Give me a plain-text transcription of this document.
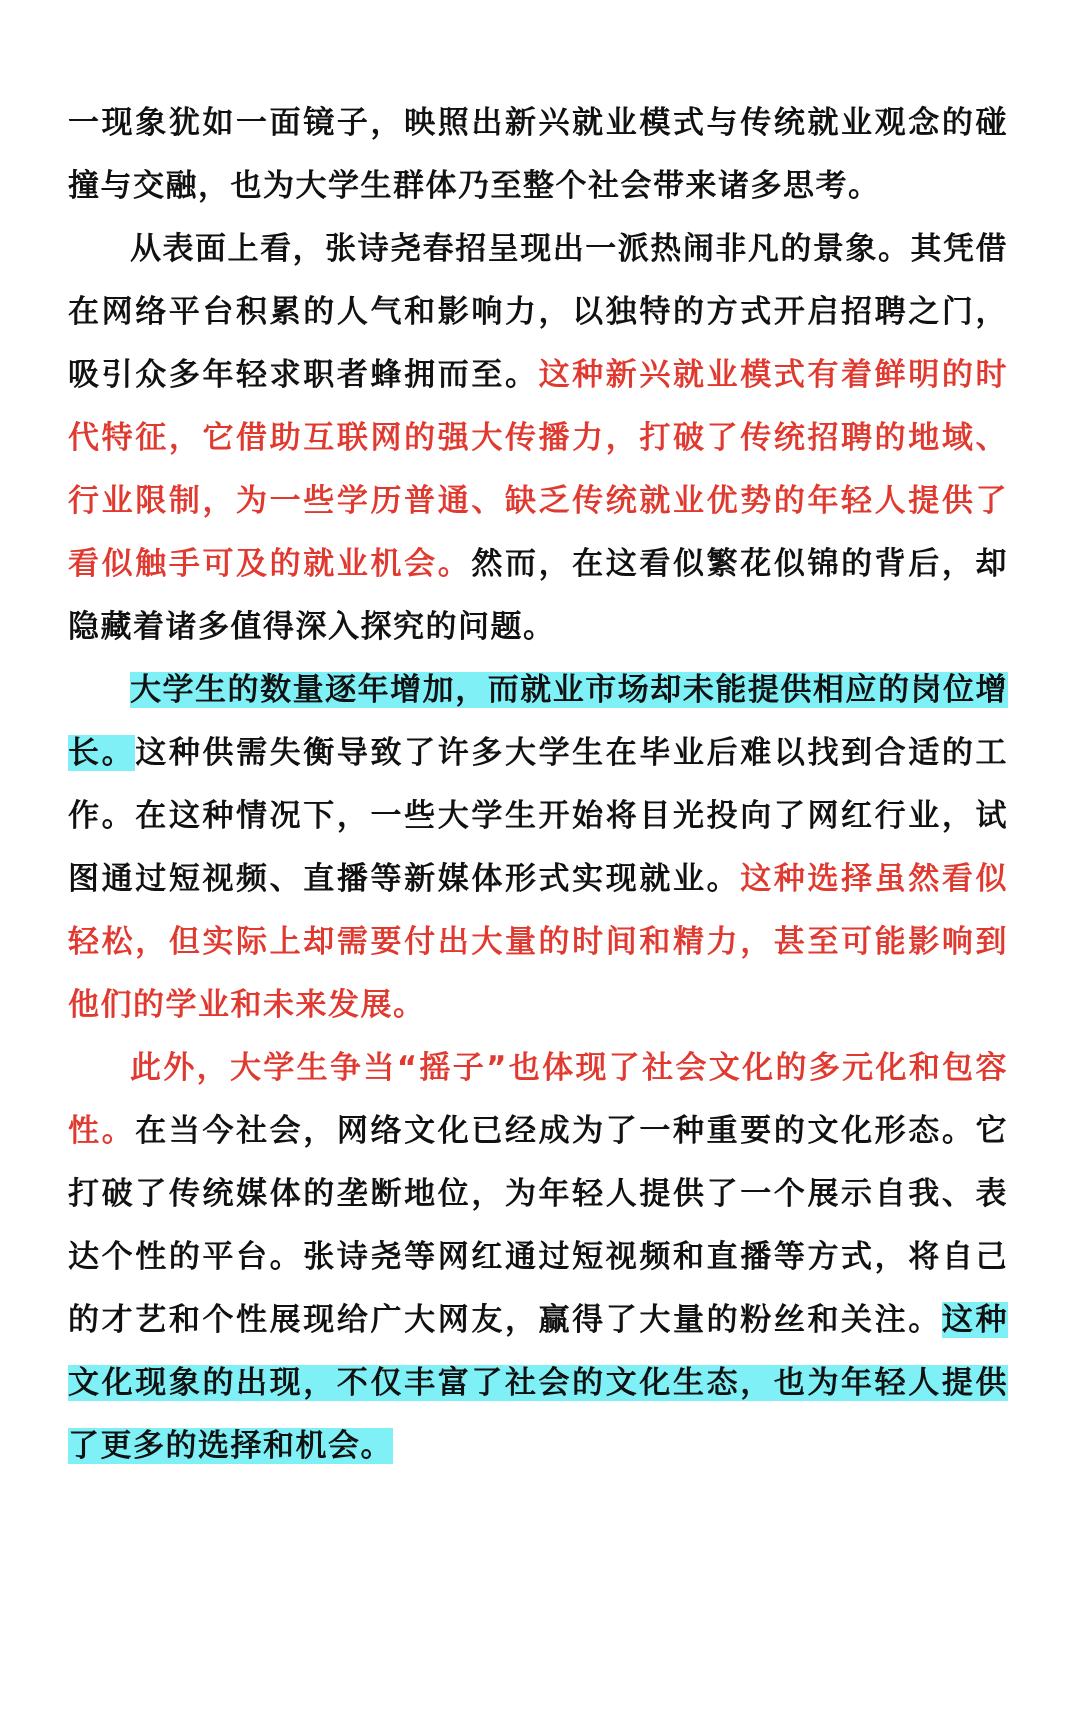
一现象犹如一面镜子，映照出新兴就业模式与传统就业观念的碰撞与交融，也为大学生群体乃至整个社会带来诸多思考。

从表面上看，张诗尧春招呈现出一派热闹非凡的景象。其凭借在网络平台积累的人气和影响力，以独特的方式开启招聘之门，吸引众多年轻求职者蜂拥而至。这种新兴就业模式有着鲜明的时代特征，它借助互联网的强大传播力，打破了传统招聘的地域、行业限制，为一些学历普通、缺乏传统就业优势的年轻人提供了看似触手可及的就业机会。然而，在这看似繁花似锦的背后，却隐藏着诸多值得深入探究的问题。

大学生的数量逐年增加，而就业市场却未能提供相应的岗位增长。这种供需失衡导致了许多大学生在毕业后难以找到合适的工作。在这种情况下，一些大学生开始将目光投向了网红行业，试图通过短视频、直播等新媒体形式实现就业。这种选择虽然看似轻松，但实际上却需要付出大量的时间和精力，甚至可能影响到他们的学业和未来发展。

此外，大学生争当“摇子”也体现了社会文化的多元化和包容性。在当今社会，网络文化已经成为了一种重要的文化形态。它打破了传统媒体的垄断地位，为年轻人提供了一个展示自我、表达个性的平台。张诗尧等网红通过短视频和直播等方式，将自己的才艺和个性展现给广大网友，赢得了大量的粉丝和关注。这种文化现象的出现，不仅丰富了社会的文化生态，也为年轻人提供了更多的选择和机会。
